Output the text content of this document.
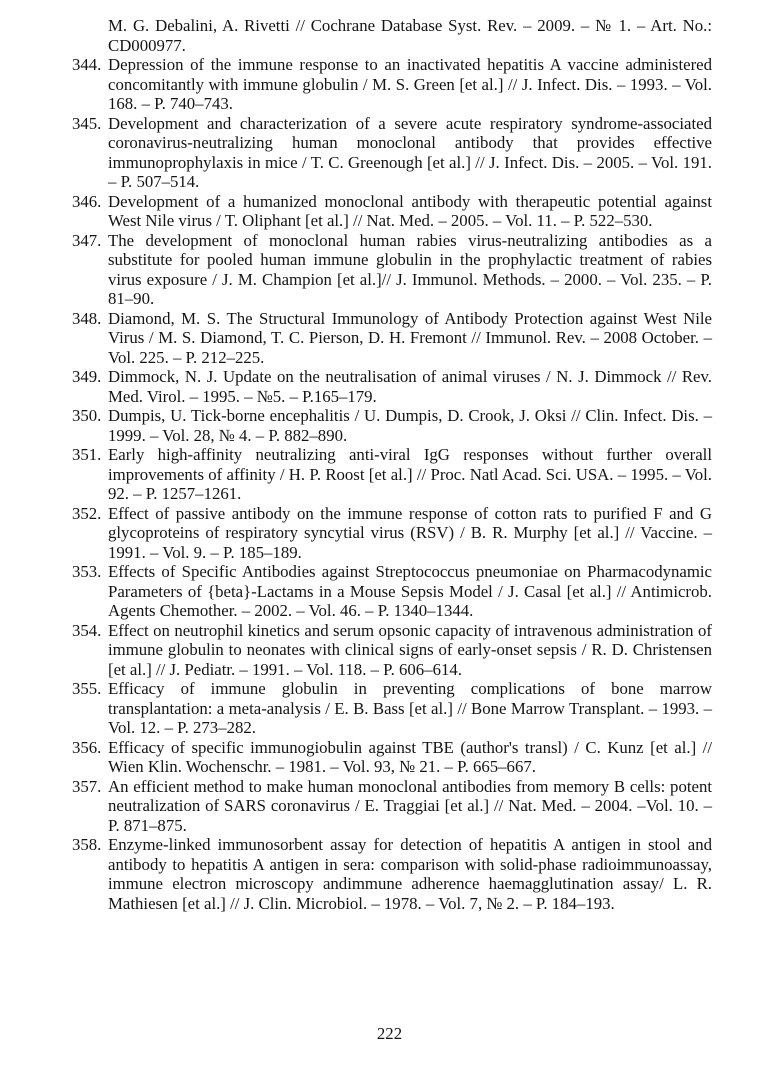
M. G. Debalini, A. Rivetti // Cochrane Database Syst. Rev. – 2009. – № 1. – Art. No.: CD000977.
344. Depression of the immune response to an inactivated hepatitis A vaccine administered concomitantly with immune globulin / M. S. Green [et al.] // J. Infect. Dis. – 1993. – Vol. 168. – P. 740–743.
345. Development and characterization of a severe acute respiratory syndrome-associated coronavirus-neutralizing human monoclonal antibody that provides effective immunoprophylaxis in mice / T. C. Greenough [et al.] // J. Infect. Dis. – 2005. – Vol. 191. – P. 507–514.
346. Development of a humanized monoclonal antibody with therapeutic potential against West Nile virus / T. Oliphant [et al.] // Nat. Med. – 2005. – Vol. 11. – P. 522–530.
347. The development of monoclonal human rabies virus-neutralizing antibodies as a substitute for pooled human immune globulin in the prophylactic treatment of rabies virus exposure / J. M. Champion [et al.]// J. Immunol. Methods. – 2000. – Vol. 235. – P. 81–90.
348. Diamond, M. S. The Structural Immunology of Antibody Protection against West Nile Virus / M. S. Diamond, T. C. Pierson, D. H. Fremont // Immunol. Rev. – 2008 October. – Vol. 225. – P. 212–225.
349. Dimmock, N. J. Update on the neutralisation of animal viruses / N. J. Dimmock // Rev. Med. Virol. – 1995. – №5. – P.165–179.
350. Dumpis, U. Tick-borne encephalitis / U. Dumpis, D. Crook, J. Oksi // Clin. Infect. Dis. – 1999. – Vol. 28, № 4. – P. 882–890.
351. Early high-affinity neutralizing anti-viral IgG responses without further overall improvements of affinity / H. P. Roost [et al.] // Proc. Natl Acad. Sci. USA. – 1995. – Vol. 92. – P. 1257–1261.
352. Effect of passive antibody on the immune response of cotton rats to purified F and G glycoproteins of respiratory syncytial virus (RSV) / B. R. Murphy [et al.] // Vaccine. – 1991. – Vol. 9. – P. 185–189.
353. Effects of Specific Antibodies against Streptococcus pneumoniae on Pharmacodynamic Parameters of {beta}-Lactams in a Mouse Sepsis Model / J. Casal [et al.] // Antimicrob. Agents Chemother. – 2002. – Vol. 46. – P. 1340–1344.
354. Effect on neutrophil kinetics and serum opsonic capacity of intravenous administration of immune globulin to neonates with clinical signs of early-onset sepsis / R. D. Christensen [et al.] // J. Pediatr. – 1991. – Vol. 118. – P. 606–614.
355. Efficacy of immune globulin in preventing complications of bone marrow transplantation: a meta-analysis / E. B. Bass [et al.] // Bone Marrow Transplant. – 1993. – Vol. 12. – P. 273–282.
356. Efficacy of specific immunogiobulin against TBE (author's transl) / C. Kunz [et al.] // Wien Klin. Wochenschr. – 1981. – Vol. 93, № 21. – P. 665–667.
357. An efficient method to make human monoclonal antibodies from memory B cells: potent neutralization of SARS coronavirus / E. Traggiai [et al.] // Nat. Med. – 2004. –Vol. 10. – P. 871–875.
358. Enzyme-linked immunosorbent assay for detection of hepatitis A antigen in stool and antibody to hepatitis A antigen in sera: comparison with solid-phase radioimmunoassay, immune electron microscopy andimmune adherence haemagglutination assay/ L. R. Mathiesen [et al.] // J. Clin. Microbiol. – 1978. – Vol. 7, № 2. – P. 184–193.
222
